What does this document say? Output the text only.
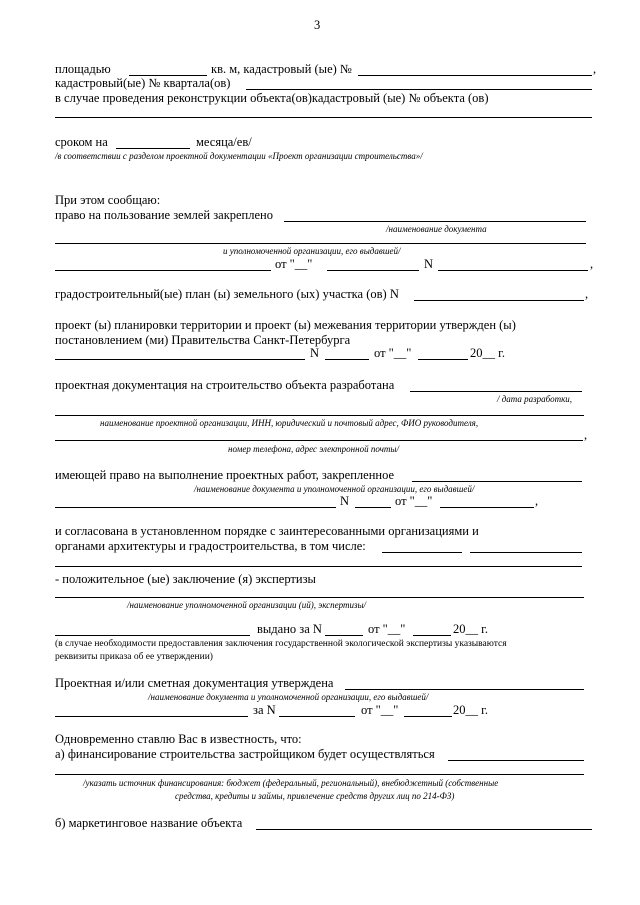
3
площадью	кв. м, кадастровый (ые) №	,
кадастровый(ые) № квартала(ов)
в случае проведения реконструкции объекта(ов)кадастровый (ые) № объекта (ов)
сроком на	месяца/ев/
/в соответствии с разделом проектной документации «Проект организации строительства»/
При этом сообщаю:
право на пользование землей закреплено
/наименование документа
и уполномоченной организации, его выдавшей/
от "__"	N	,
градостроительный(ые) план (ы) земельного (ых) участка (ов) N	,
проект (ы) планировки территории и проект (ы) межевания территории утвержден (ы)
постановлением (ми) Правительства Санкт-Петербурга
N	от "__"	20__ г.
проектная документация на строительство объекта разработана
/ дата разработки,
наименование проектной организации, ИНН, юридический и почтовый адрес, ФИО руководителя,
,
номер телефона, адрес электронной почты/
имеющей право на выполнение проектных работ, закрепленное
/наименование документа и уполномоченной организации, его выдавшей/
N	от "__"	,
и согласована в установленном порядке с заинтересованными организациями и
органами архитектуры и градостроительства, в том числе:
- положительное (ые) заключение (я) экспертизы
/наименование уполномоченной организации (ий), экспертизы/
выдано за N	от "__"	20__ г.
(в случае необходимости предоставления заключения государственной экологической экспертизы указываются
реквизиты приказа об ее утверждении)
Проектная и/или сметная документация утверждена
/наименование документа и уполномоченной организации, его выдавшей/
за N	от "__"	20__ г.
Одновременно ставлю Вас в известность, что:
а) финансирование строительства застройщиком будет осуществляться
/указать источник финансирования: бюджет (федеральный, региональный), внебюджетный (собственные
средства, кредиты и займы, привлечение средств других лиц по 214-ФЗ)
б) маркетинговое название объекта
